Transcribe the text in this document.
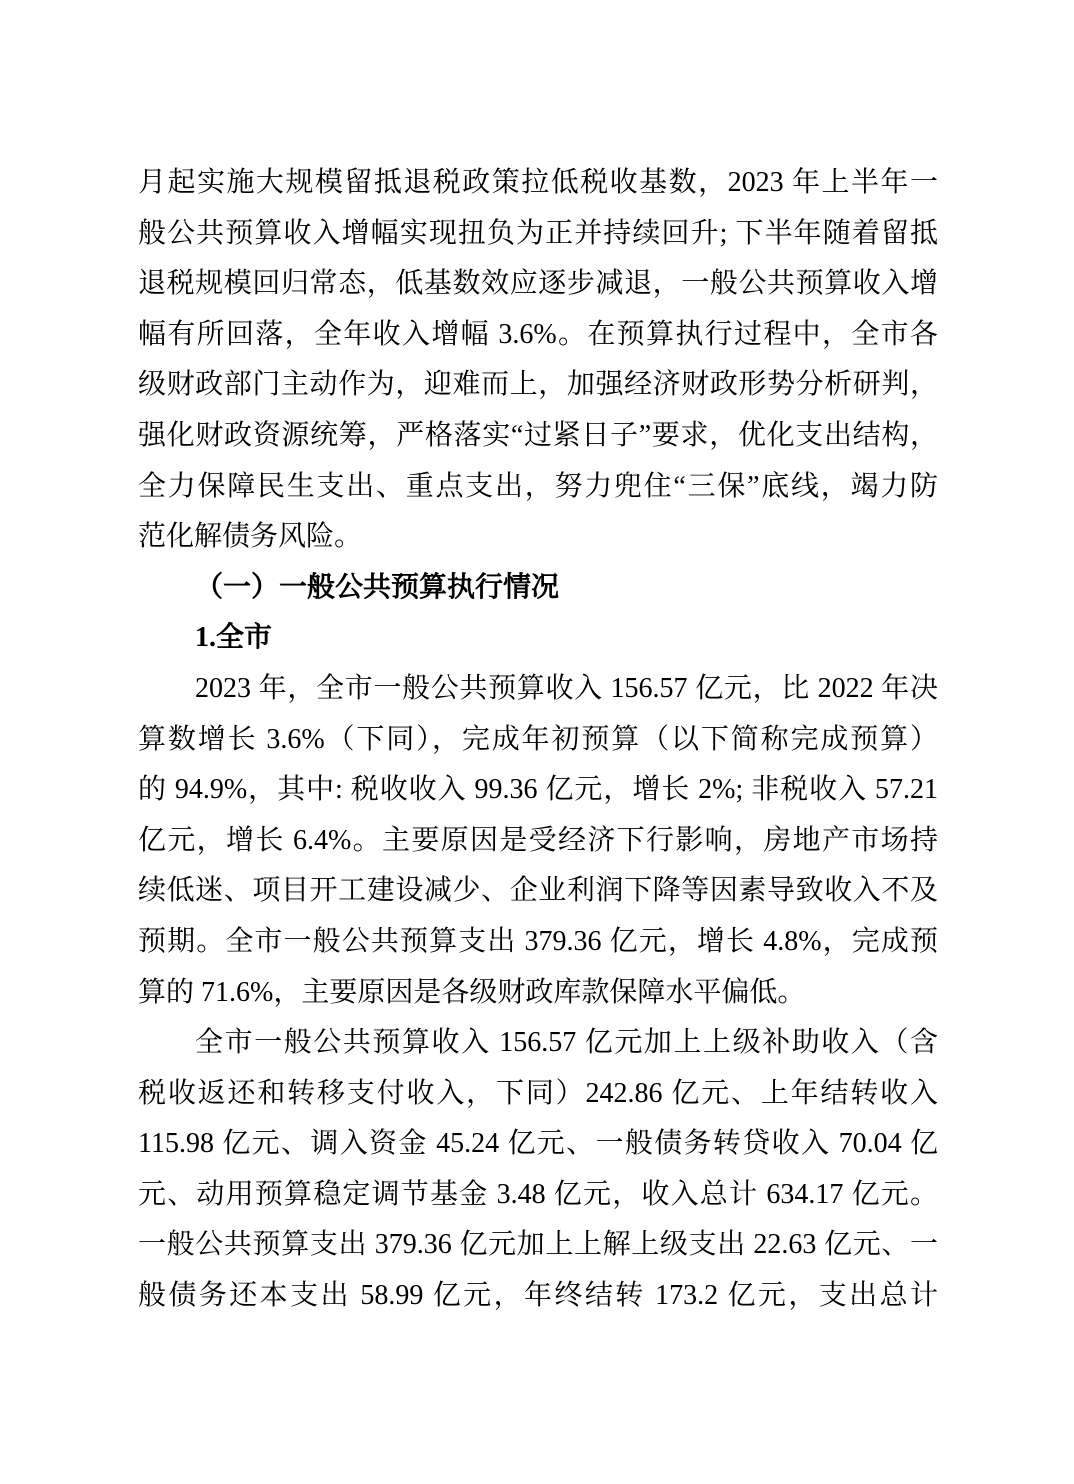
月起实施大规模留抵退税政策拉低税收基数，2023 年上半年一
般公共预算收入增幅实现扭负为正并持续回升; 下半年随着留抵
退税规模回归常态，低基数效应逐步减退，一般公共预算收入增
幅有所回落，全年收入增幅 3.6%。在预算执行过程中，全市各
级财政部门主动作为，迎难而上，加强经济财政形势分析研判，
强化财政资源统筹，严格落实“过紧日子”要求，优化支出结构，
全力保障民生支出、重点支出，努力兜住“三保”底线，竭力防
范化解债务风险。
（一）一般公共预算执行情况
1.全市
2023 年，全市一般公共预算收入 156.57 亿元，比 2022 年决
算数增长 3.6%（下同），完成年初预算（以下简称完成预算）
的 94.9%，其中: 税收收入 99.36 亿元，增长 2%; 非税收入 57.21
亿元，增长 6.4%。主要原因是受经济下行影响，房地产市场持
续低迷、项目开工建设减少、企业利润下降等因素导致收入不及
预期。全市一般公共预算支出 379.36 亿元，增长 4.8%，完成预
算的 71.6%，主要原因是各级财政库款保障水平偏低。
全市一般公共预算收入 156.57 亿元加上上级补助收入（含
税收返还和转移支付收入，下同）242.86 亿元、上年结转收入
115.98 亿元、调入资金 45.24 亿元、一般债务转贷收入 70.04 亿
元、动用预算稳定调节基金 3.48 亿元，收入总计 634.17 亿元。
一般公共预算支出 379.36 亿元加上上解上级支出 22.63 亿元、一
般债务还本支出 58.99 亿元，年终结转 173.2 亿元，支出总计
